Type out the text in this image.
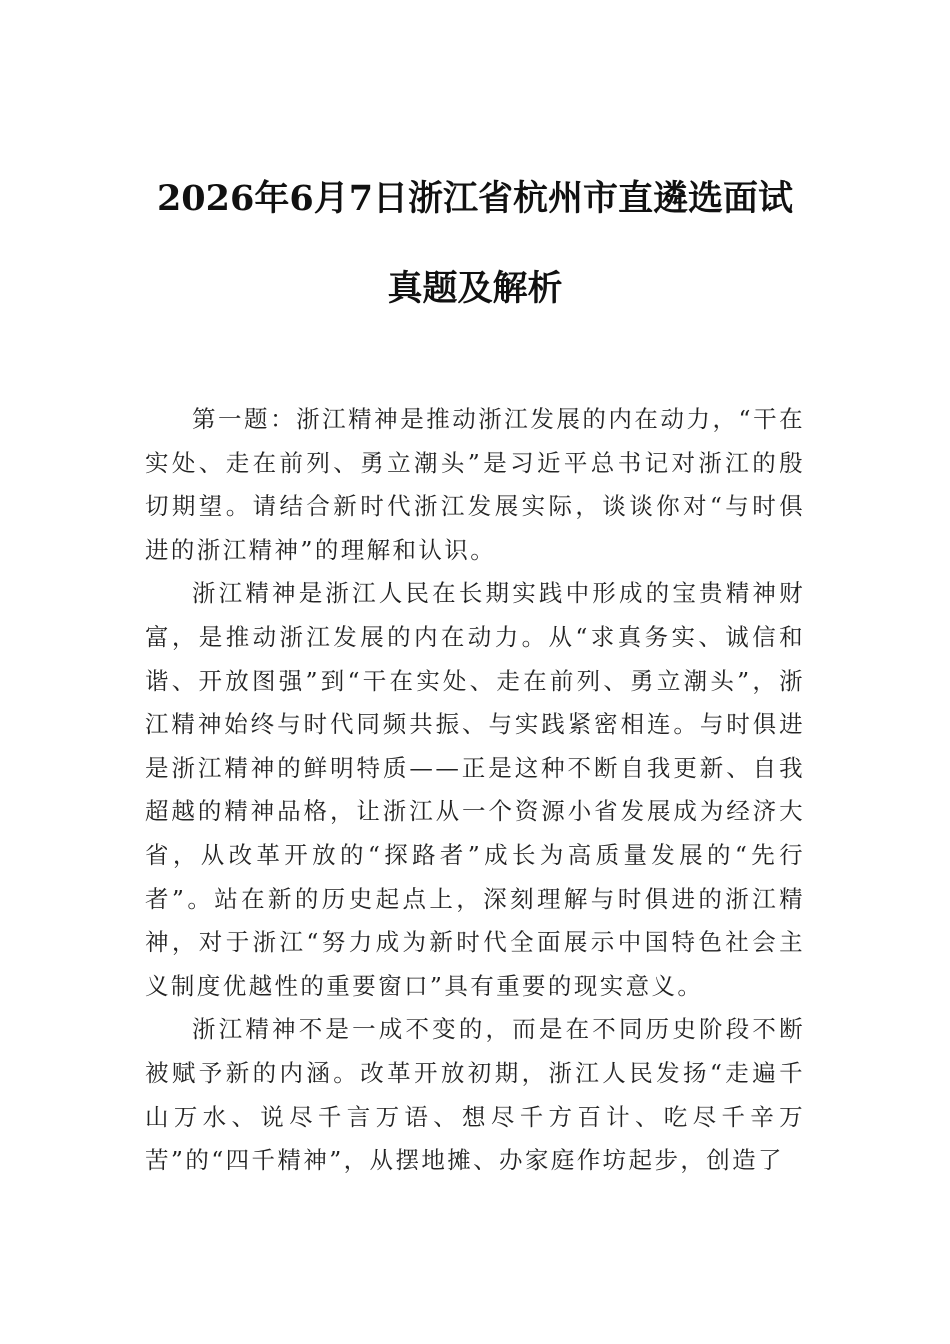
2026年6月7日浙江省杭州市直遴选面试
真题及解析

第一题：浙江精神是推动浙江发展的内在动力，“干在实处、走在前列、勇立潮头”是习近平总书记对浙江的殷切期望。请结合新时代浙江发展实际，谈谈你对“与时俱进的浙江精神”的理解和认识。

浙江精神是浙江人民在长期实践中形成的宝贵精神财富，是推动浙江发展的内在动力。从“求真务实、诚信和谐、开放图强”到“干在实处、走在前列、勇立潮头”，浙江精神始终与时代同频共振、与实践紧密相连。与时俱进是浙江精神的鲜明特质——正是这种不断自我更新、自我超越的精神品格，让浙江从一个资源小省发展成为经济大省，从改革开放的“探路者”成长为高质量发展的“先行者”。站在新的历史起点上，深刻理解与时俱进的浙江精神，对于浙江“努力成为新时代全面展示中国特色社会主义制度优越性的重要窗口”具有重要的现实意义。

浙江精神不是一成不变的，而是在不同历史阶段不断被赋予新的内涵。改革开放初期，浙江人民发扬“走遍千山万水、说尽千言万语、想尽千方百计、吃尽千辛万苦”的“四千精神”，从摆地摊、办家庭作坊起步，创造了
